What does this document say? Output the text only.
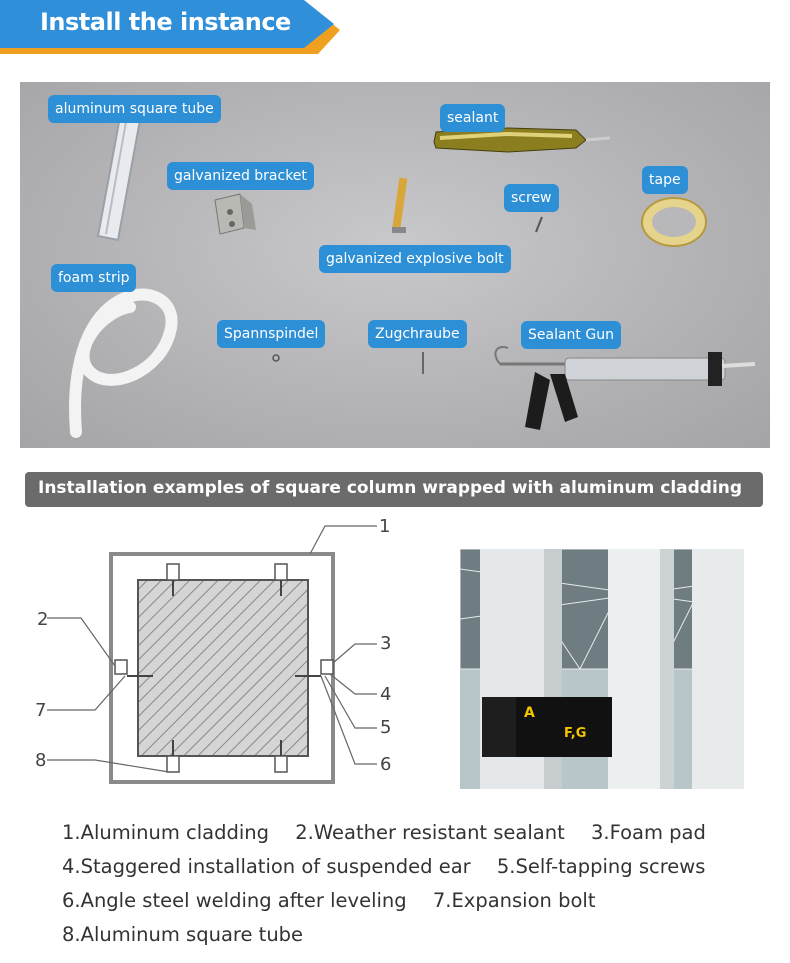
Install the instance
aluminum square tube
sealant
galvanized bracket
screw
tape
galvanized explosive bolt
foam strip
Spannspindel	Zugchraube	Sealant Gun
Installation examples of square column wrapped with aluminum cladding
1
2
3
4
5
6
7
8
A
F,G
1.Aluminum cladding 2.Weather resistant sealant 3.Foam pad
4.Staggered installation of suspended ear 5.Self-tapping screws
6.Angle steel welding after leveling 7.Expansion bolt
8.Aluminum square tube
